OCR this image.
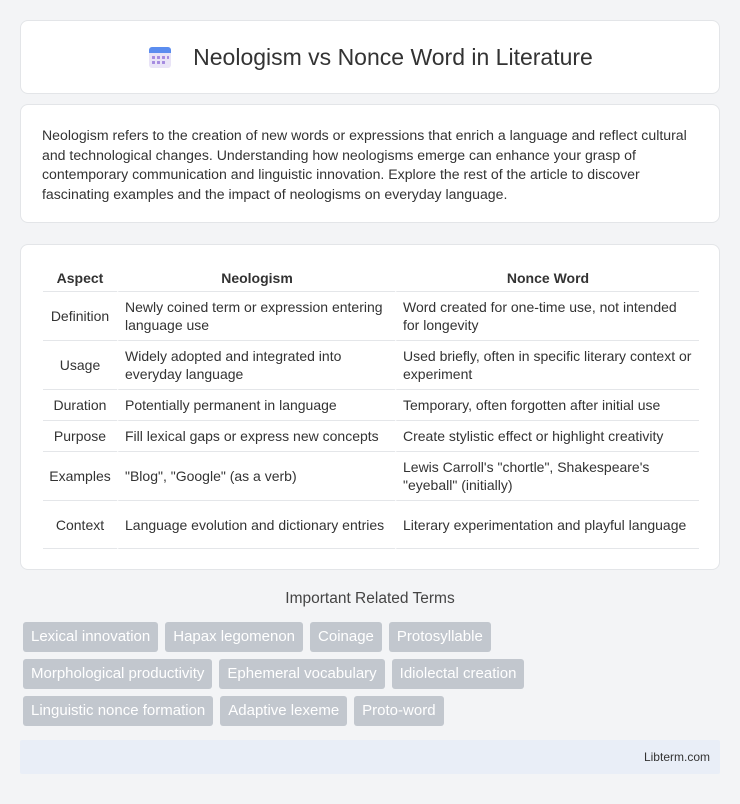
Neologism vs Nonce Word in Literature

Neologism refers to the creation of new words or expressions that enrich a language and reflect cultural and technological changes. Understanding how neologisms emerge can enhance your grasp of contemporary communication and linguistic innovation. Explore the rest of the article to discover fascinating examples and the impact of neologisms on everyday language.

Aspect	Neologism	Nonce Word
Definition	Newly coined term or expression entering language use	Word created for one-time use, not intended for longevity
Usage	Widely adopted and integrated into everyday language	Used briefly, often in specific literary context or experiment
Duration	Potentially permanent in language	Temporary, often forgotten after initial use
Purpose	Fill lexical gaps or express new concepts	Create stylistic effect or highlight creativity
Examples	"Blog", "Google" (as a verb)	Lewis Carroll's "chortle", Shakespeare's "eyeball" (initially)
Context	Language evolution and dictionary entries	Literary experimentation and playful language
Important Related Terms
Lexical innovation	Hapax legomenon	Coinage	Protosyllable
Morphological productivity	Ephemeral vocabulary	Idiolectal creation
Linguistic nonce formation	Adaptive lexeme	Proto-word
Libterm.com
